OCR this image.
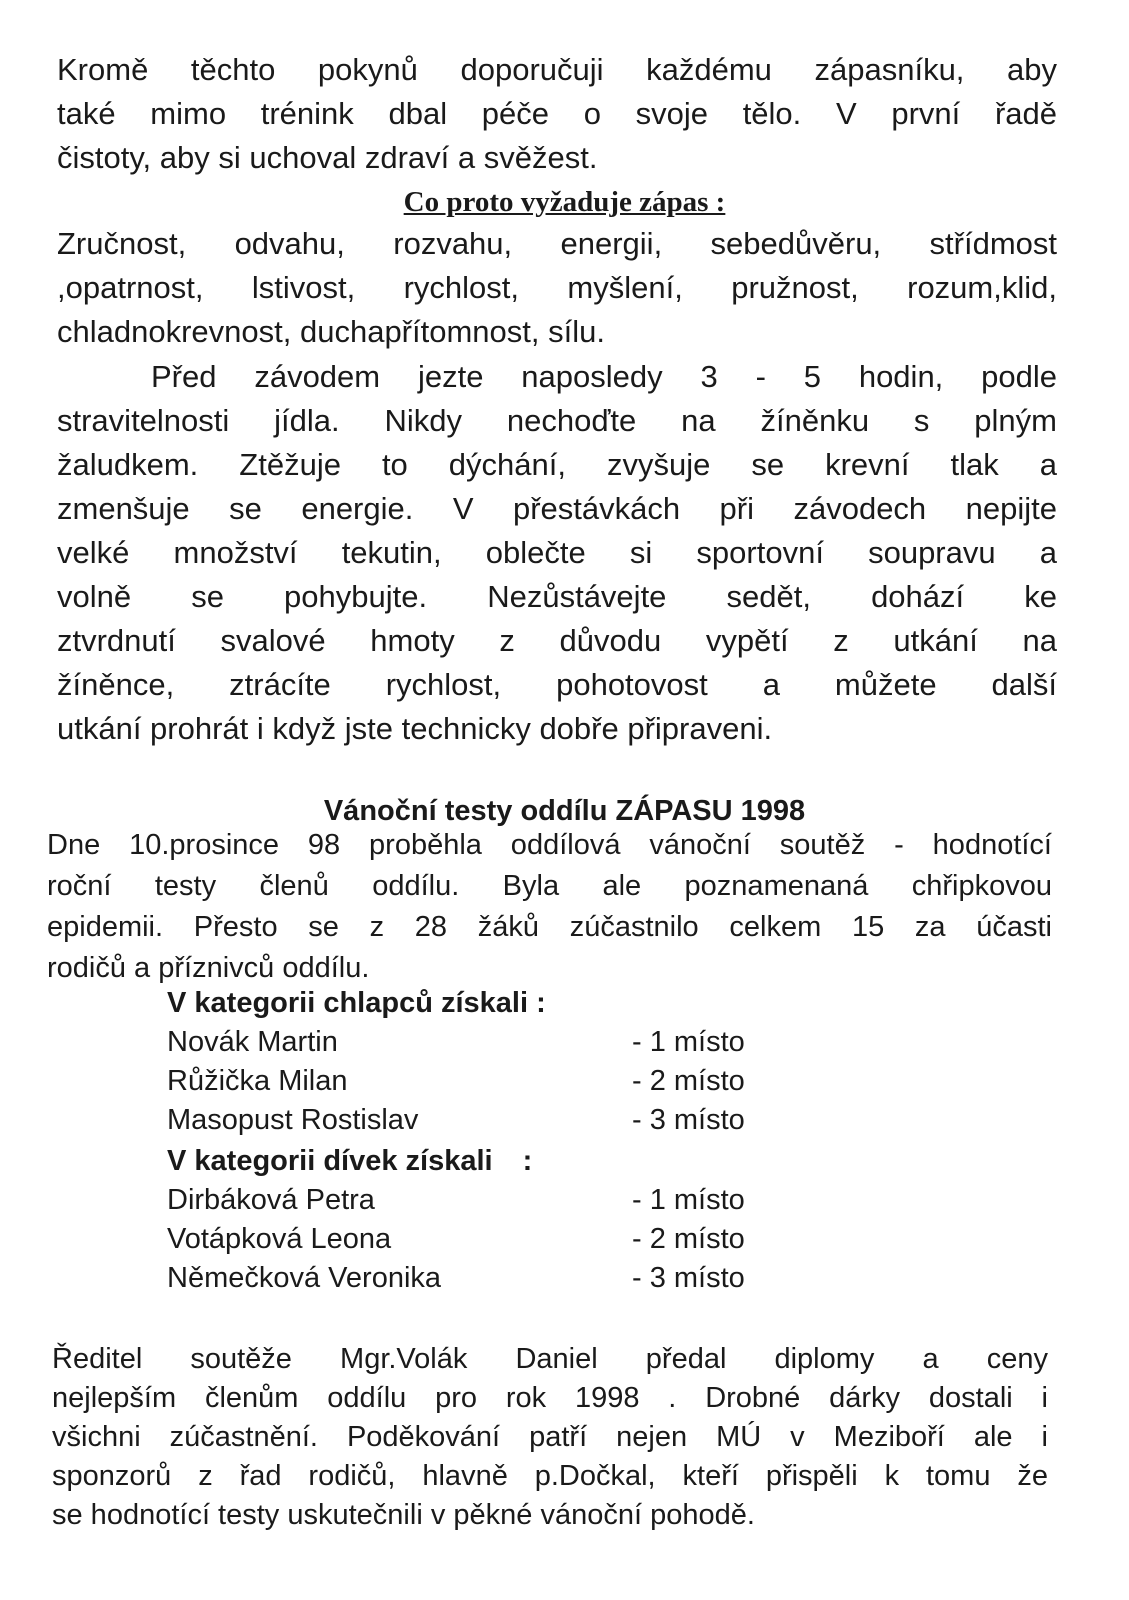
Kromě těchto pokynů doporučuji každému zápasníku, aby
také mimo trénink dbal péče o svoje tělo. V první řadě
čistoty, aby si uchoval zdraví a svěžest.
Co proto vyžaduje zápas :
Zručnost, odvahu, rozvahu, energii, sebedůvěru, střídmost
,opatrnost, lstivost, rychlost, myšlení, pružnost, rozum,klid,
chladnokrevnost, duchapřítomnost, sílu.
Před závodem jezte naposledy 3 - 5 hodin, podle
stravitelnosti jídla. Nikdy nechoďte na žíněnku s plným
žaludkem. Ztěžuje to dýchání, zvyšuje se krevní tlak a
zmenšuje se energie. V přestávkách při závodech nepijte
velké množství tekutin, oblečte si sportovní soupravu a
volně se pohybujte. Nezůstávejte sedět, dohází ke
ztvrdnutí svalové hmoty z důvodu vypětí z utkání na
žíněnce, ztrácíte rychlost, pohotovost a můžete další
utkání prohrát i když jste technicky dobře připraveni.
Vánoční testy oddílu ZÁPASU 1998
Dne 10.prosince 98 proběhla oddílová vánoční soutěž - hodnotící
roční testy členů oddílu. Byla ale poznamenaná chřipkovou
epidemii. Přesto se z 28 žáků zúčastnilo celkem 15 za účasti
rodičů a příznivců oddílu.
V kategorii chlapců získali :
Novák Martin	- 1 místo
Růžička Milan	- 2 místo
Masopust Rostislav	- 3 místo
V kategorii dívek získali :
Dirbáková Petra	- 1 místo
Votápková Leona	- 2 místo
Němečková Veronika	- 3 místo
Ředitel soutěže Mgr.Volák Daniel předal diplomy a ceny
nejlepším členům oddílu pro rok 1998 . Drobné dárky dostali i
všichni zúčastnění. Poděkování patří nejen MÚ v Meziboří ale i
sponzorů z řad rodičů, hlavně p.Dočkal, kteří přispěli k tomu že
se hodnotící testy uskutečnili v pěkné vánoční pohodě.
